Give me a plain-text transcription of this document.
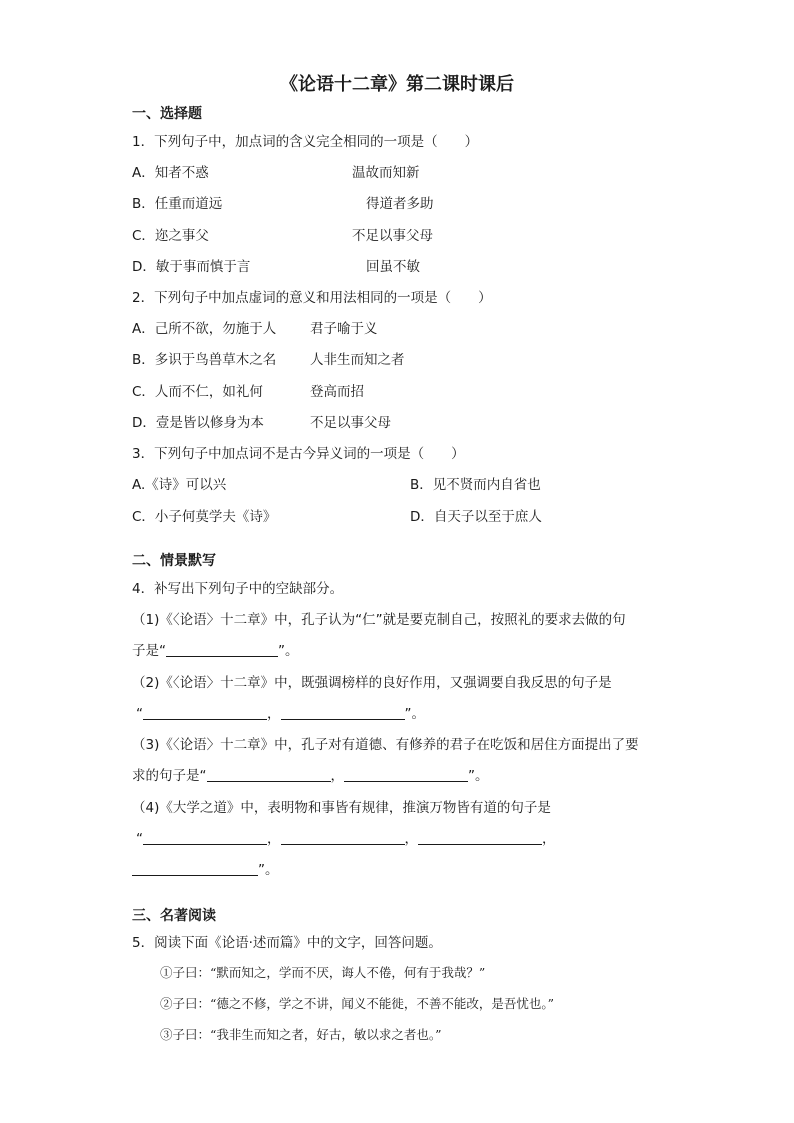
《论语十二章》第二课时课后
一、选择题
1．下列句子中，加点词的含义完全相同的一项是（　　）
A．知者不惑	温故而知新
B．任重而道远	得道者多助
C．迩之事父	不足以事父母
D．敏于事而慎于言	回虽不敏
2．下列句子中加点虚词的意义和用法相同的一项是（　　）
A．己所不欲，勿施于人	君子喻于义
B．多识于鸟兽草木之名 人非生而知之者
C．人而不仁，如礼何	登高而招
D．壹是皆以修身为本	不足以事父母
3．下列句子中加点词不是古今异义词的一项是（　　）
A.《诗》可以兴	B．见不贤而内自省也
C．小子何莫学夫《诗》	D．自天子以至于庶人
二、情景默写
4．补写出下列句子中的空缺部分。
（1)《〈论语〉十二章》中，孔子认为“仁”就是要克制自己，按照礼的要求去做的句
子是“	”。
（2)《〈论语〉十二章》中，既强调榜样的良好作用，又强调要自我反思的句子是
“	，	”。
（3)《〈论语〉十二章》中，孔子对有道德、有修养的君子在吃饭和居住方面提出了要
求的句子是“	，	”。
（4)《大学之道》中，表明物和事皆有规律，推演万物皆有道的句子是
“	，	，	，
”。
三、名著阅读
5．阅读下面《论语·述而篇》中的文字，回答问题。
①子曰：“默而知之，学而不厌，诲人不倦，何有于我哉？”
②子曰：“德之不修，学之不讲，闻义不能徙，不善不能改，是吾忧也。”
③子曰：“我非生而知之者，好古，敏以求之者也。”
